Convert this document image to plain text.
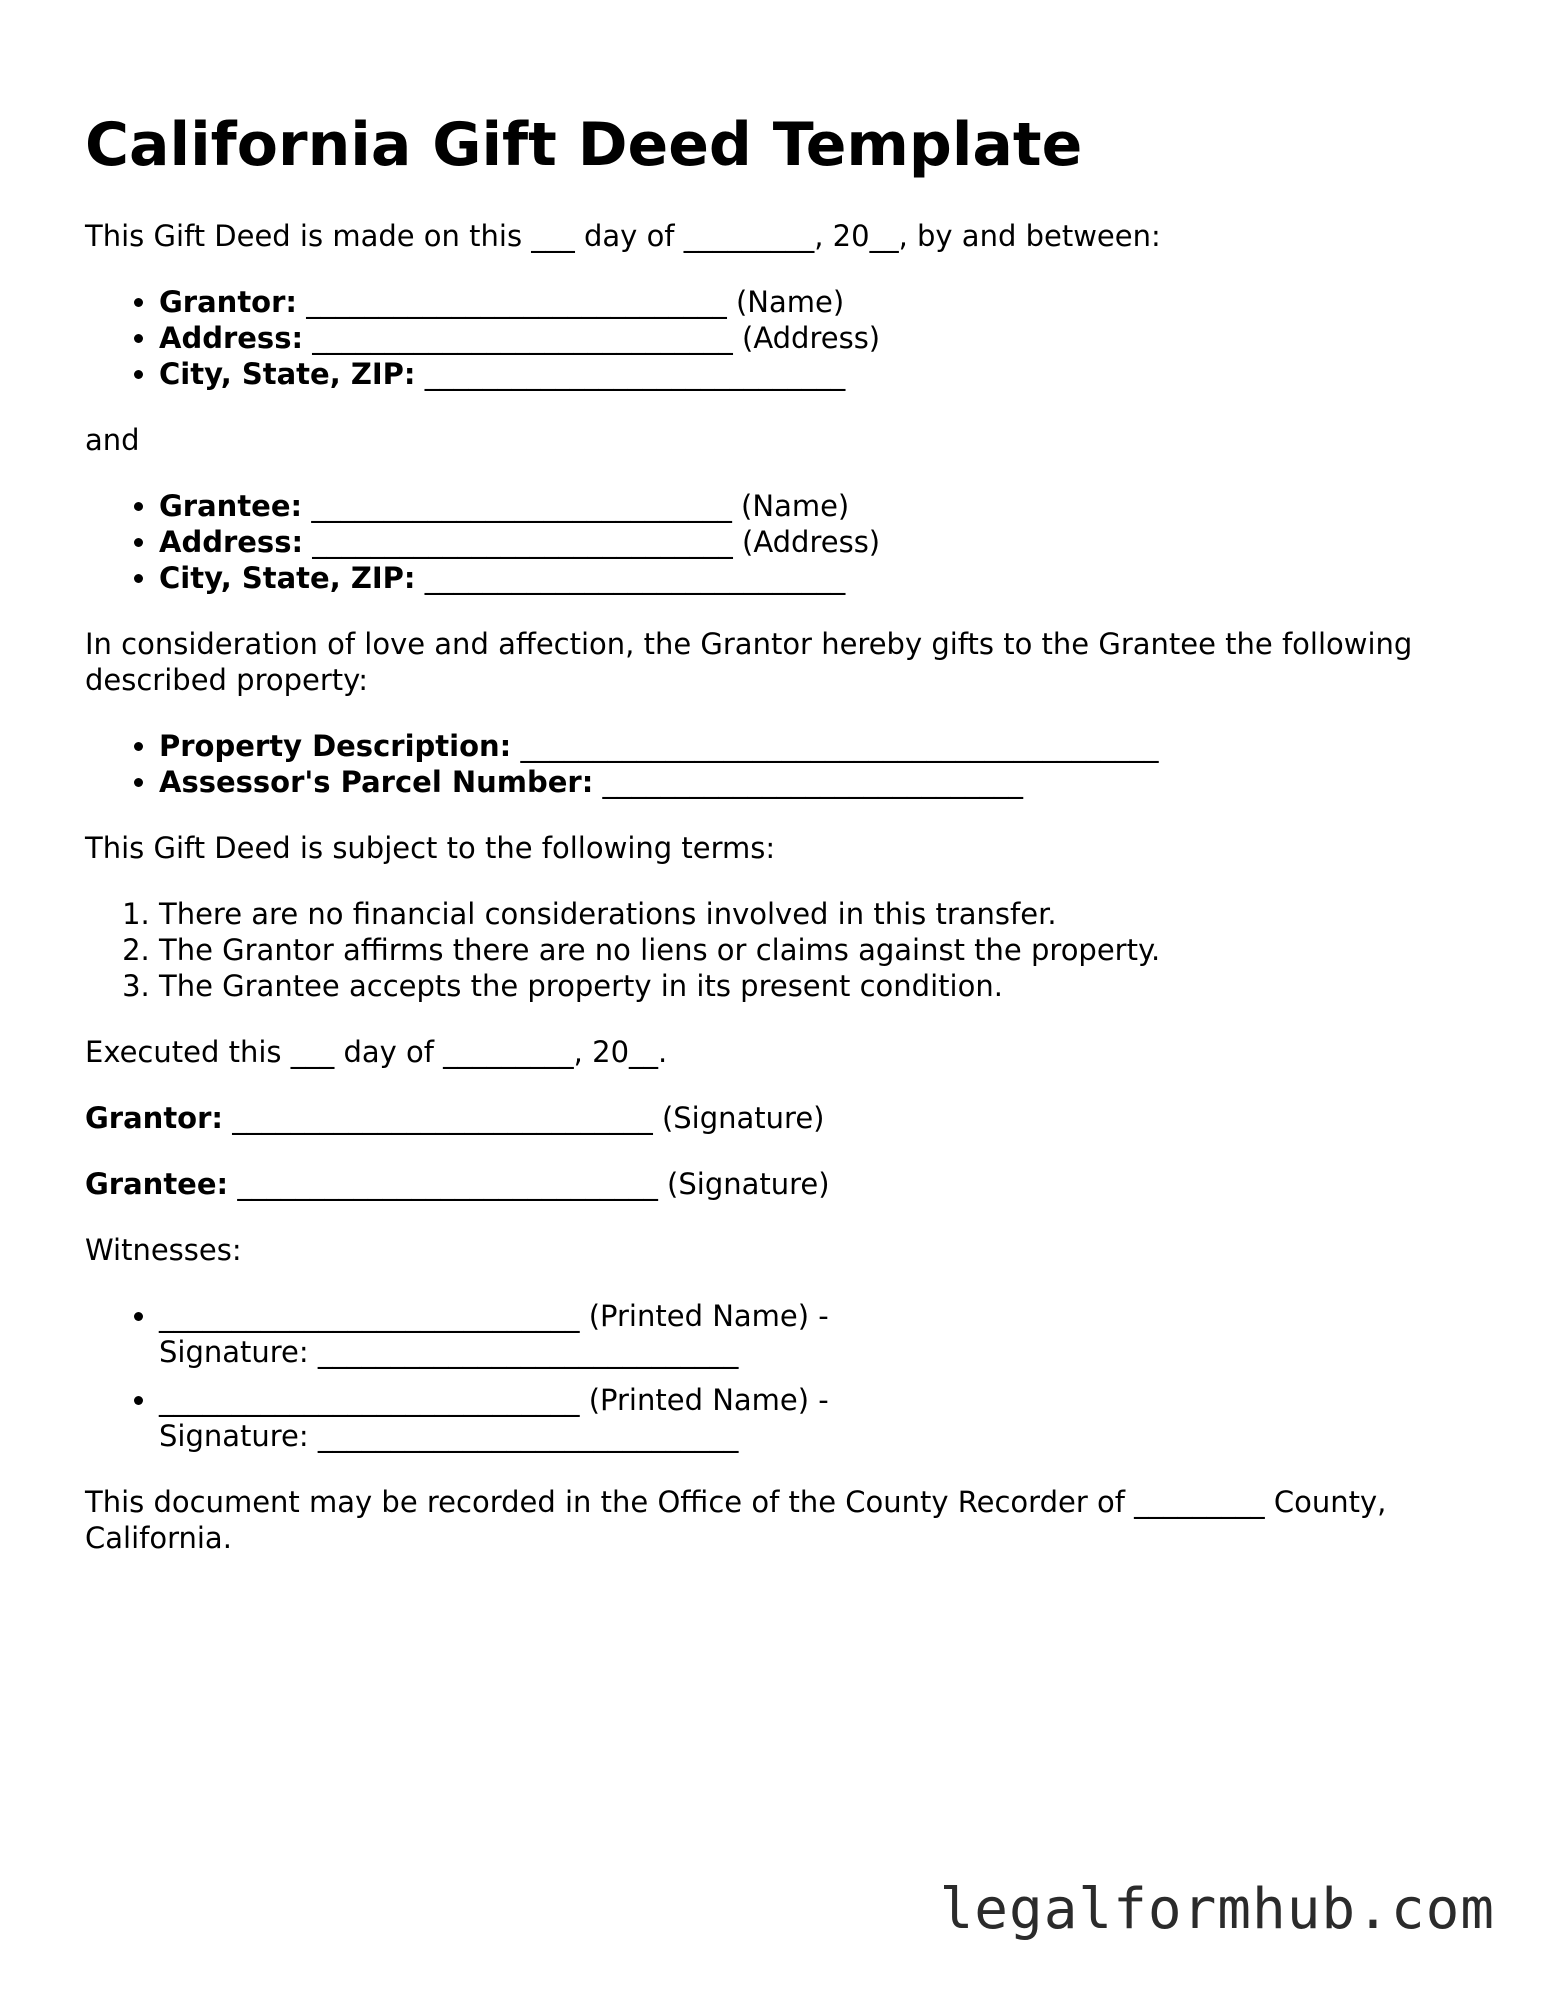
California Gift Deed Template

This Gift Deed is made on this ___ day of _________, 20__, by and between:

• Grantor: _____________________________ (Name)
• Address: _____________________________ (Address)
• City, State, ZIP: _____________________________

and

• Grantee: _____________________________ (Name)
• Address: _____________________________ (Address)
• City, State, ZIP: _____________________________

In consideration of love and affection, the Grantor hereby gifts to the Grantee the following described property:

• Property Description: ____________________________________________
• Assessor's Parcel Number: _____________________________

This Gift Deed is subject to the following terms:

1. There are no financial considerations involved in this transfer.
2. The Grantor affirms there are no liens or claims against the property.
3. The Grantee accepts the property in its present condition.

Executed this ___ day of _________, 20__.

Grantor: _____________________________ (Signature)

Grantee: _____________________________ (Signature)

Witnesses:

• _____________________________ (Printed Name) - Signature: _____________________________
• _____________________________ (Printed Name) - Signature: _____________________________

This document may be recorded in the Office of the County Recorder of _________ County, California.

legalformhub.com
